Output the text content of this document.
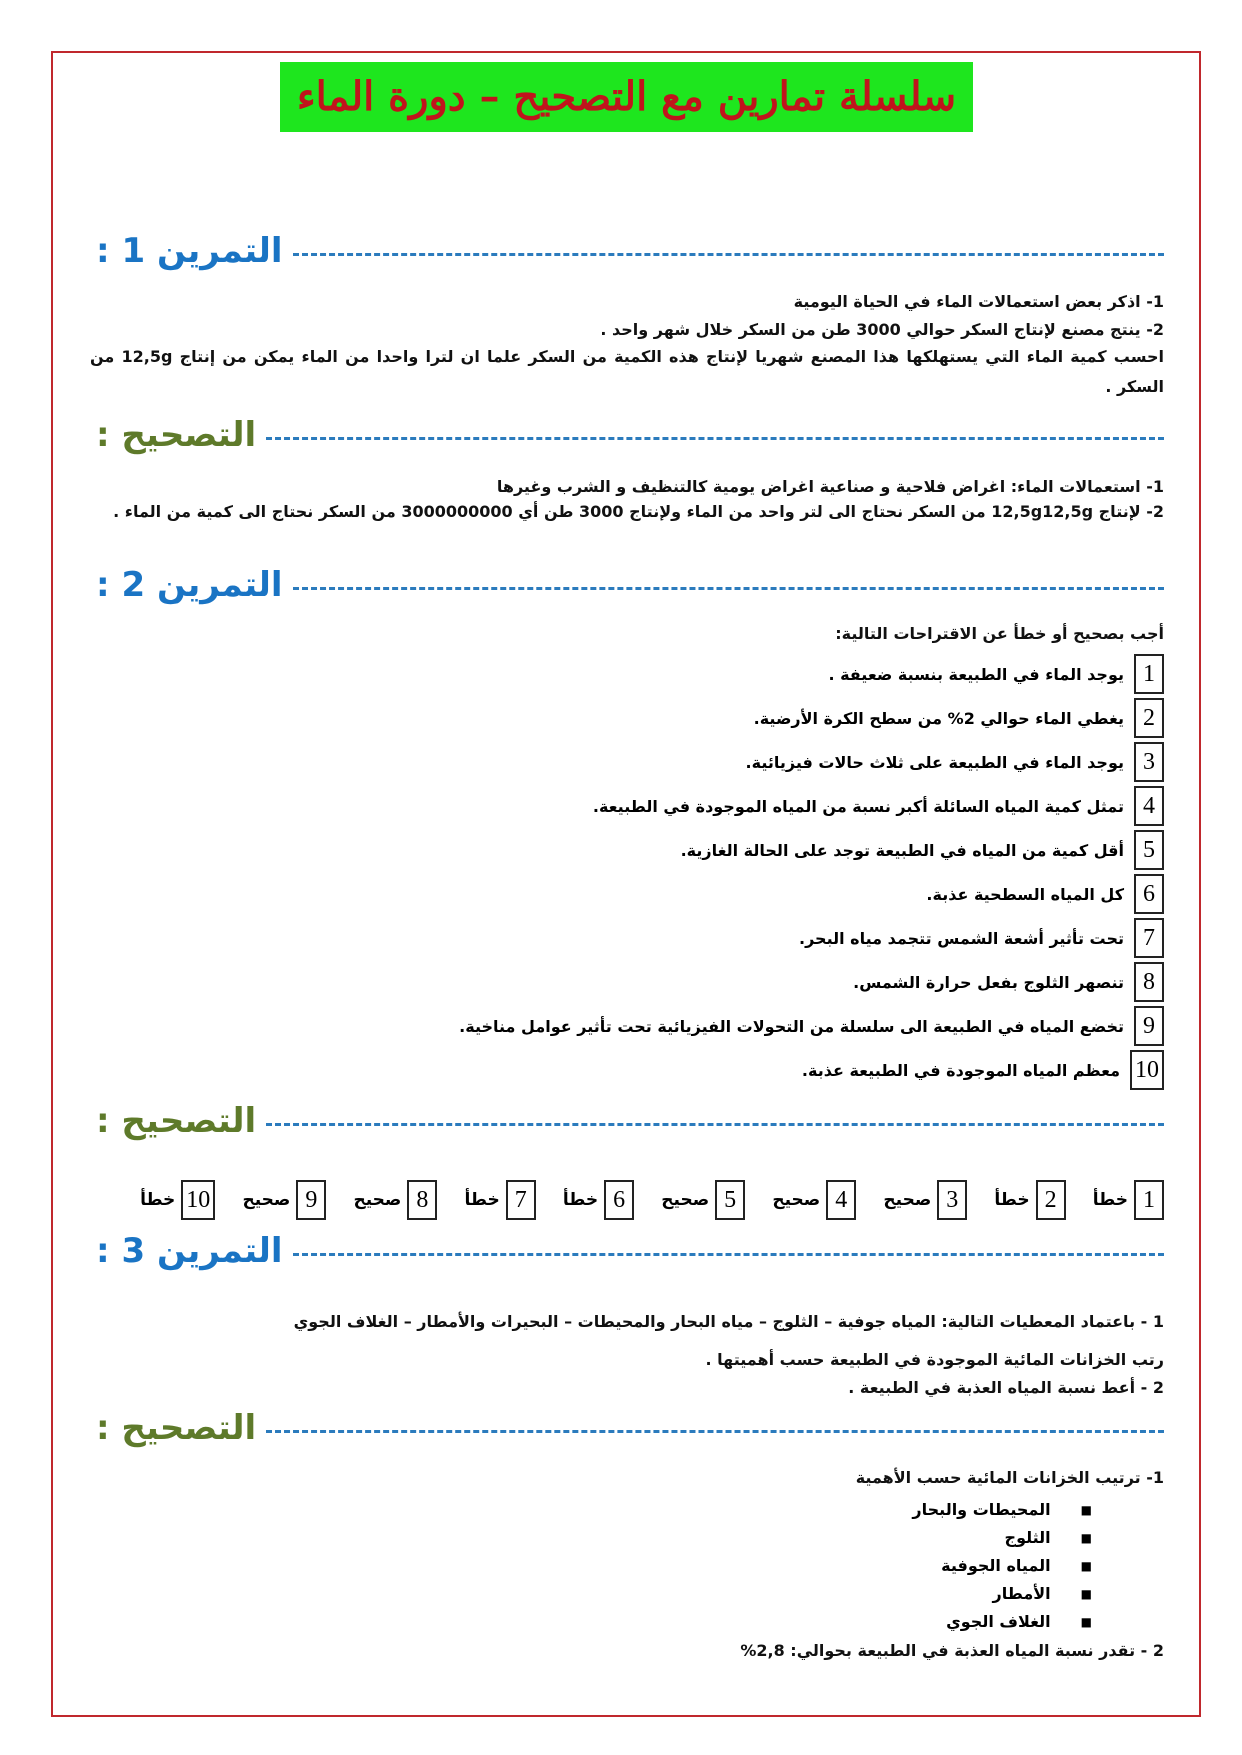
سلسلة تمارين مع التصحيح – دورة الماء
التمرين 1 :
1- اذكر بعض استعمالات الماء في الحياة اليومية
2- ينتج مصنع لإنتاج السكر حوالي 3000 طن من السكر خلال شهر واحد .
احسب كمية الماء التي يستهلكها هذا المصنع شهريا لإنتاج هذه الكمية من السكر علما ان لترا واحدا من الماء يمكن من إنتاج 12,5g من السكر .
التصحيح :
1- استعمالات الماء: اغراض فلاحية و صناعية اغراض يومية كالتنظيف و الشرب وغيرها
2- لإنتاج 12,5g12,5g من السكر نحتاج الى لتر واحد من الماء ولإنتاج 3000 طن أي 3000000000 من السكر نحتاج الى كمية من الماء .
التمرين 2 :
أجب بصحيح أو خطأ عن الاقتراحات التالية:
التصحيح :
1
خطأ
2
خطأ
3
صحيح
4
صحيح
5
صحيح
6
خطأ
7
خطأ
8
صحيح
9
صحيح
10
خطأ
التمرين 3 :
1 - باعتماد المعطيات التالية: المياه جوفية – الثلوج – مياه البحار والمحيطات – البحيرات والأمطار – الغلاف الجوي
رتب الخزانات المائية الموجودة في الطبيعة حسب أهميتها .
2 - أعط نسبة المياه العذبة في الطبيعة .
التصحيح :
1- ترتيب الخزانات المائية حسب الأهمية
2 - تقدر نسبة المياه العذبة في الطبيعة بحوالي: 2,8%
1
يوجد الماء في الطبيعة بنسبة ضعيفة .
2
يغطي الماء حوالي 2% من سطح الكرة الأرضية.
3
يوجد الماء في الطبيعة على ثلاث حالات فيزيائية.
4
تمثل كمية المياه السائلة أكبر نسبة من المياه الموجودة في الطبيعة.
5
أقل كمية من المياه في الطبيعة توجد على الحالة الغازية.
6
كل المياه السطحية عذبة.
7
تحت تأثير أشعة الشمس تتجمد مياه البحر.
8
تنصهر الثلوج بفعل حرارة الشمس.
9
تخضع المياه في الطبيعة الى سلسلة من التحولات الفيزيائية تحت تأثير عوامل مناخية.
10
معظم المياه الموجودة في الطبيعة عذبة.
■
المحيطات والبحار
■
الثلوج
■
المياه الجوفية
■
الأمطار
■
الغلاف الجوي
